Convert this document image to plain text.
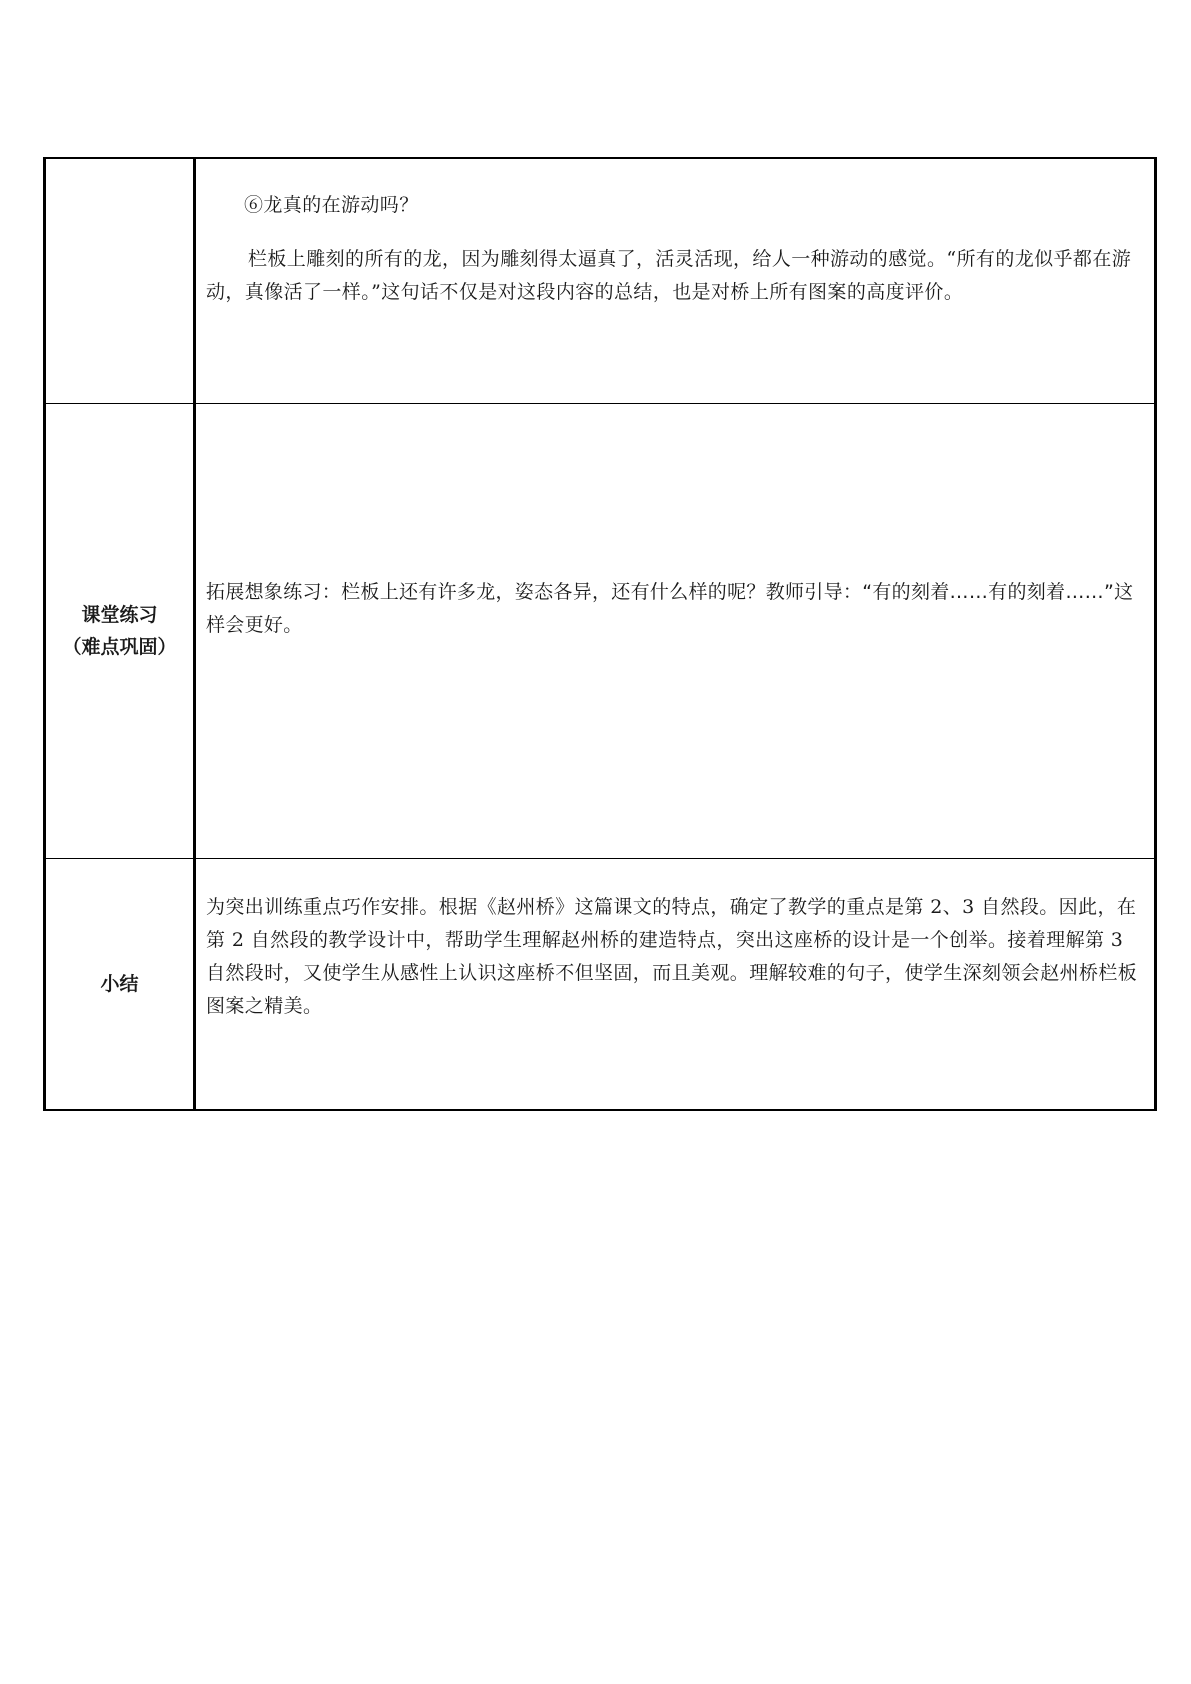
	⑥龙真的在游动吗？

栏板上雕刻的所有的龙，因为雕刻得太逼真了，活灵活现，给人一种游动的感觉。“所有的龙似乎都在游动，真像活了一样。”这句话不仅是对这段内容的总结，也是对桥上所有图案的高度评价。

课堂练习
（难点巩固）	拓展想象练习：栏板上还有许多龙，姿态各异，还有什么样的呢？教师引导：“有的刻着……有的刻着……”这样会更好。

小结	为突出训练重点巧作安排。根据《赵州桥》这篇课文的特点，确定了教学的重点是第 2、3 自然段。因此，在第 2 自然段的教学设计中，帮助学生理解赵州桥的建造特点，突出这座桥的设计是一个创举。接着理解第 3 自然段时，又使学生从感性上认识这座桥不但坚固，而且美观。理解较难的句子，使学生深刻领会赵州桥栏板图案之精美。
